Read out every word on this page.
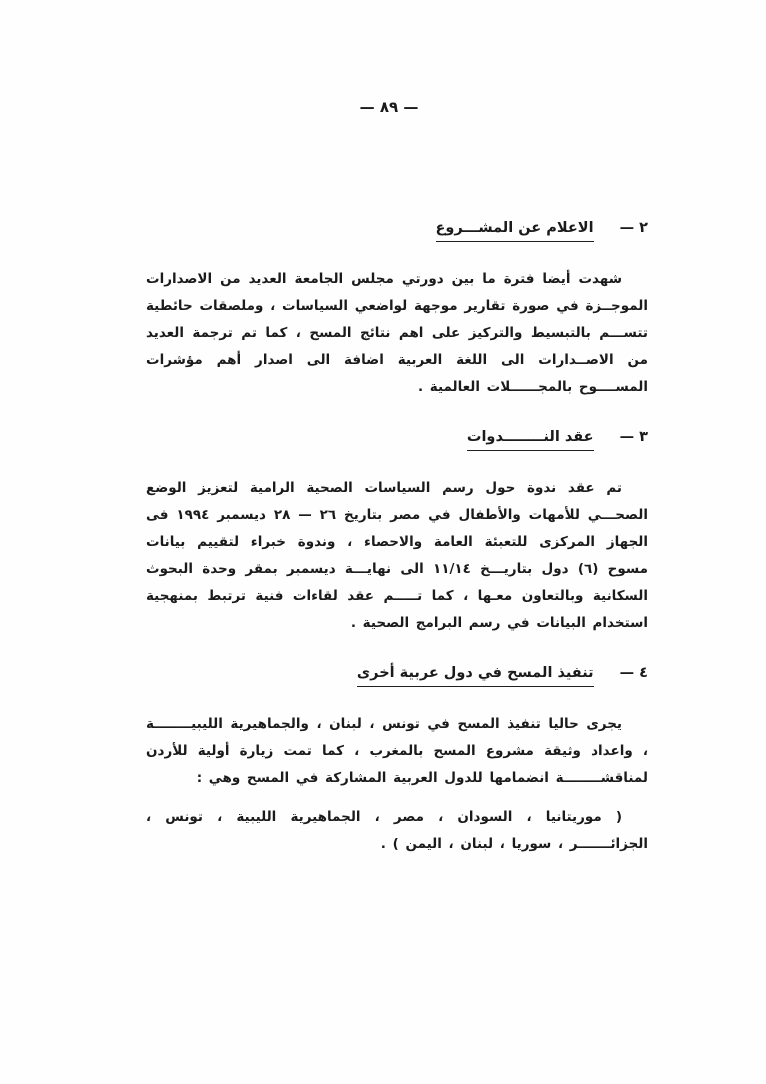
— ٨٩ —
٢ —
الاعلام عن المشـــروع

شهدت أيضا فترة ما بين دورتي مجلس الجامعة العديد من الاصدارات الموجــزة في صورة تقارير موجهة لواضعي السياسات ، وملصقات حائطية تتســـم بالتبسيط والتركيز على اهم نتائج المسح ، كما تم ترجمة العديد من الاصــدارات الى اللغة العربية اضافة الى اصدار أهم مؤشرات المســــوح بالمجــــــلات العالمية .

٣ —
عقد النــــــــدوات

تم عقد ندوة حول رسم السياسات الصحية الرامية لتعزيز الوضع الصحـــي للأمهات والأطفال في مصر بتاريخ ٢٦ — ٢٨ ديسمبر ١٩٩٤ فى الجهاز المركزى للتعبئة العامة والاحصاء ، وندوة خبراء لتقييم بيانات مسوح (٦) دول بتاريـــخ ١١/١٤ الى نهايـــة ديسمبر بمقر وحدة البحوث السكانية وبالتعاون معـها ، كما تـــــم عقد لقاءات فنية ترتبط بمنهجية استخدام البيانات في رسم البرامج الصحية .

٤ —
تنفيذ المسح في دول عربية أخرى

يجرى حاليا تنفيذ المسح في تونس ، لبنان ، والجماهيرية الليبيــــــــة ، واعداد وثيقة مشروع المسح بالمغرب ، كما تمت زيارة أولية للأردن لمناقشــــــــة انضمامها للدول العربية المشاركة في المسح وهي :

( موريتانيا ، السودان ، مصر ، الجماهيرية الليبية ، تونس ، الجزائـــــــر ، سوريا ، لبنان ، اليمن ) .
